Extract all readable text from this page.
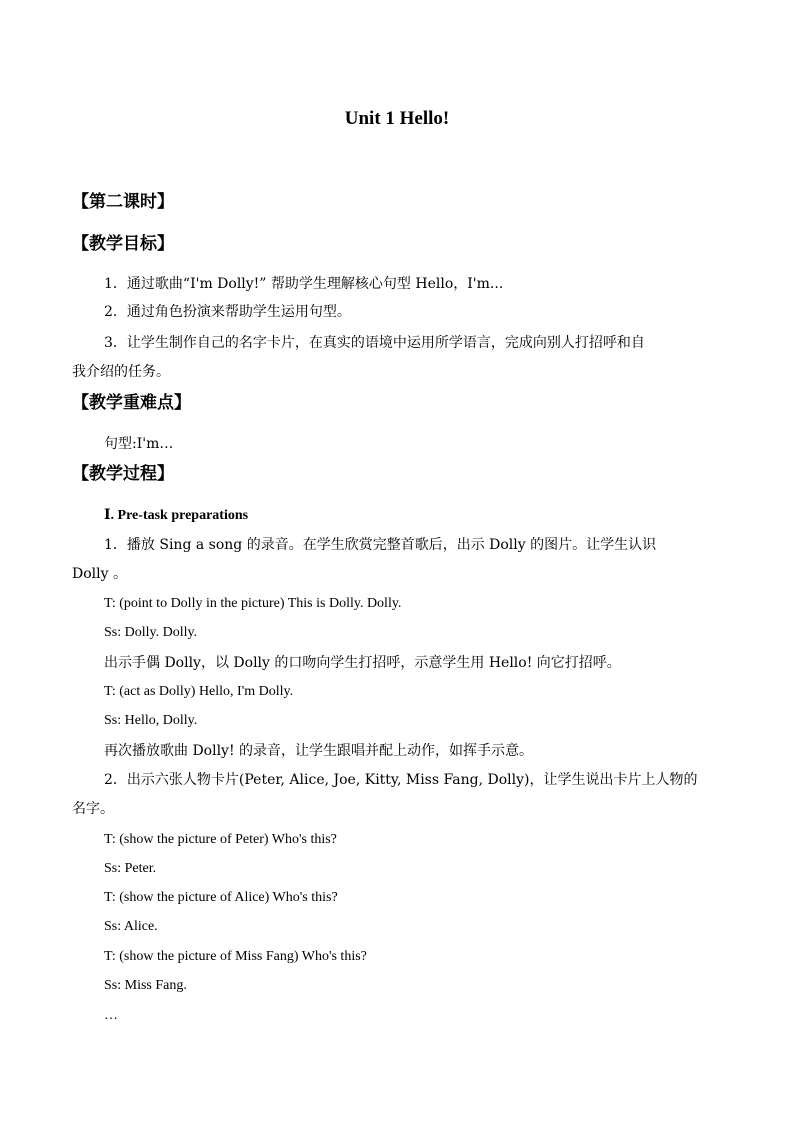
Unit 1 Hello!
【第二课时】
【教学目标】
1．通过歌曲“I'm Dolly!” 帮助学生理解核心句型 Hello，I'm...
2．通过角色扮演来帮助学生运用句型。
3．让学生制作自己的名字卡片，在真实的语境中运用所学语言，完成向别人打招呼和自
我介绍的任务。
【教学重难点】
句型:I'm…
【教学过程】
Ⅰ. Pre-task preparations
1．播放 Sing a song 的录音。在学生欣赏完整首歌后，出示 Dolly 的图片。让学生认识
Dolly 。
T: (point to Dolly in the picture) This is Dolly. Dolly.
Ss: Dolly. Dolly.
出示手偶 Dolly，以 Dolly 的口吻向学生打招呼，示意学生用 Hello! 向它打招呼。
T: (act as Dolly) Hello, I'm Dolly.
Ss: Hello, Dolly.
再次播放歌曲 Dolly! 的录音，让学生跟唱并配上动作，如挥手示意。
2．出示六张人物卡片(Peter, Alice, Joe, Kitty, Miss Fang, Dolly)，让学生说出卡片上人物的
名字。
T: (show the picture of Peter) Who's this?
Ss: Peter.
T: (show the picture of Alice) Who's this?
Ss: Alice.
T: (show the picture of Miss Fang) Who's this?
Ss: Miss Fang.
…
